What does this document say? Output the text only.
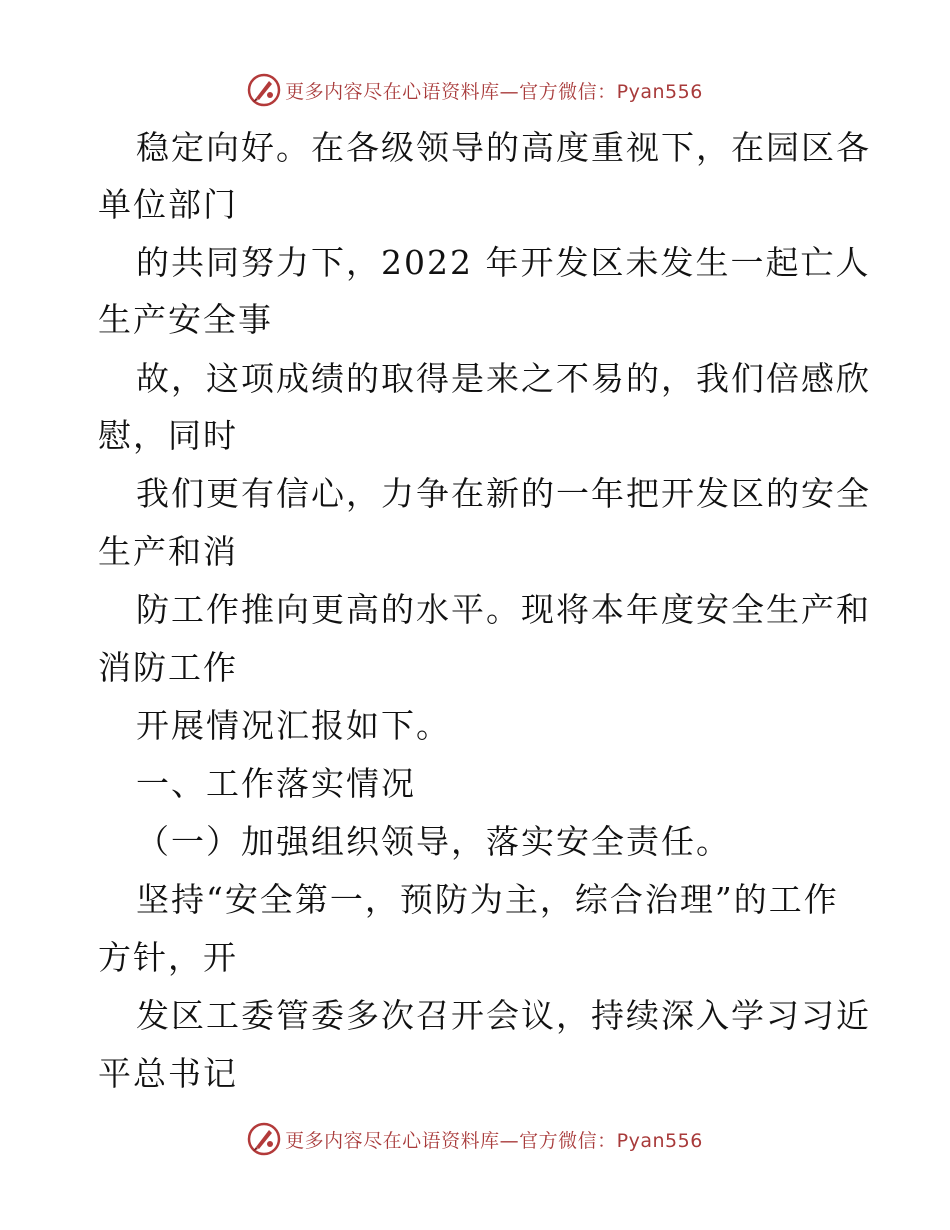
更多内容尽在心语资料库—官方微信：Pyan556
稳定向好。在各级领导的高度重视下，在园区各
单位部门
的共同努力下，2022 年开发区未发生一起亡人
生产安全事
故，这项成绩的取得是来之不易的，我们倍感欣
慰，同时
我们更有信心，力争在新的一年把开发区的安全
生产和消
防工作推向更高的水平。现将本年度安全生产和
消防工作
开展情况汇报如下。
一、工作落实情况
（一）加强组织领导，落实安全责任。
坚持“安全第一，预防为主，综合治理”的工作
方针，开
发区工委管委多次召开会议，持续深入学习习近
平总书记
更多内容尽在心语资料库—官方微信：Pyan556
